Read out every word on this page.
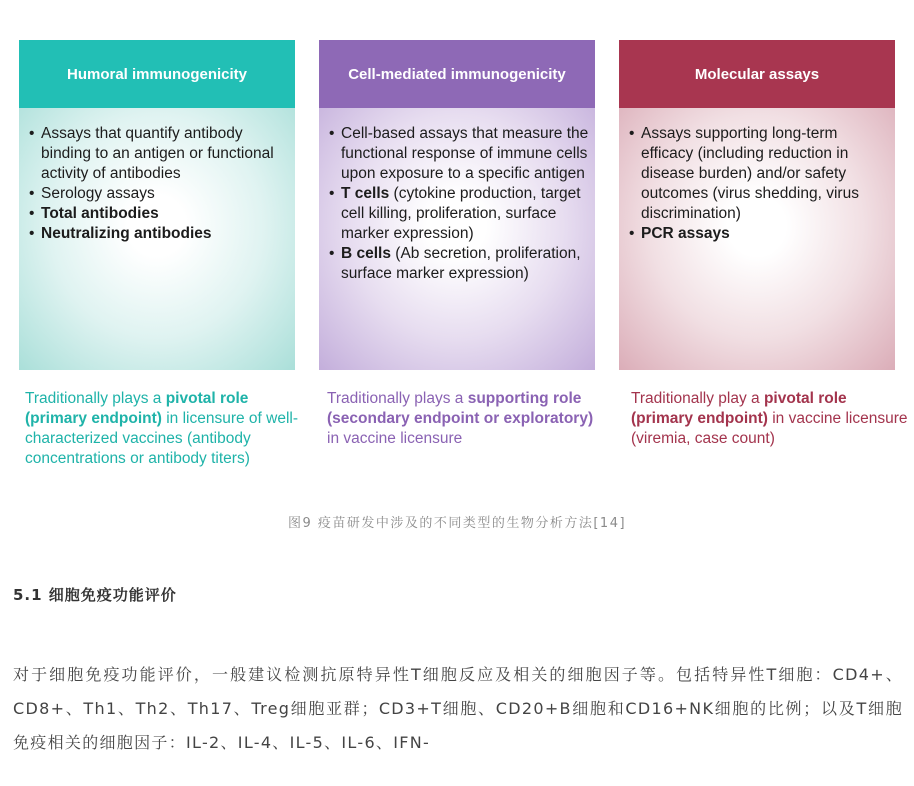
Humoral immunogenicity
• Assays that quantify antibody binding to an antigen or functional activity of antibodies
• Serology assays
• Total antibodies
• Neutralizing antibodies
Cell-mediated immunogenicity
• Cell-based assays that measure the functional response of immune cells upon exposure to a specific antigen
• T cells (cytokine production, target cell killing, proliferation, surface marker expression)
• B cells (Ab secretion, proliferation, surface marker expression)
Molecular assays
• Assays supporting long-term efficacy (including reduction in disease burden) and/or safety outcomes (virus shedding, virus discrimination)
• PCR assays
Traditionally plays a pivotal role (primary endpoint) in licensure of well-characterized vaccines (antibody concentrations or antibody titers)
Traditionally plays a supporting role (secondary endpoint or exploratory) in vaccine licensure
Traditionally play a pivotal role (primary endpoint) in vaccine licensure (viremia, case count)
图9 疫苗研发中涉及的不同类型的生物分析方法[14]
5.1 细胞免疫功能评价
对于细胞免疫功能评价，一般建议检测抗原特异性T细胞反应及相关的细胞因子等。包括特异性T细胞：CD4+、CD8+、Th1、Th2、Th17、Treg细胞亚群；CD3+T细胞、CD20+B细胞和CD16+NK细胞的比例；以及T细胞免疫相关的细胞因子：IL-2、IL-4、IL-5、IL-6、IFN-
